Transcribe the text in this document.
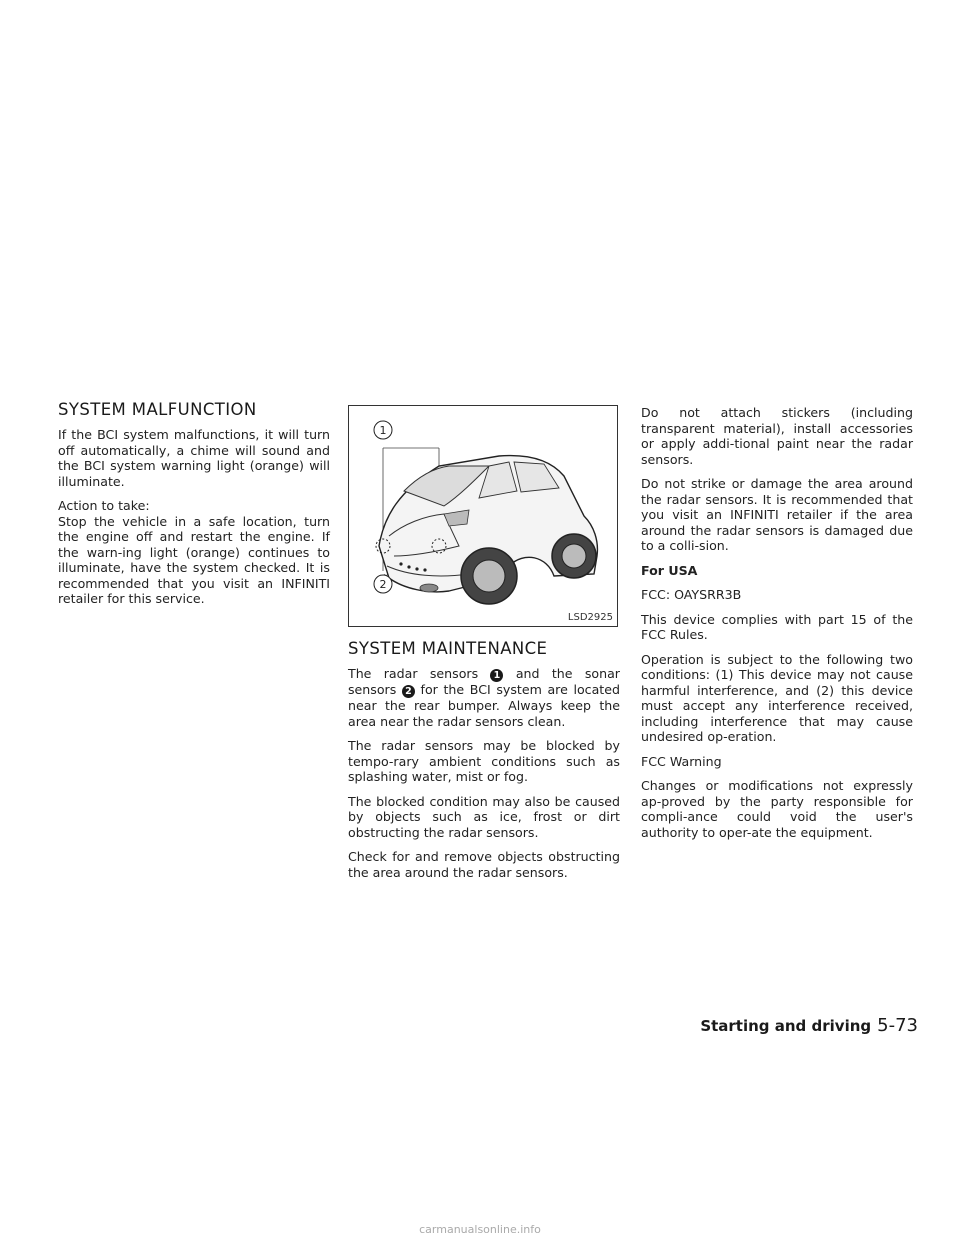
SYSTEM MALFUNCTION

If the BCI system malfunctions, it will turn off automatically, a chime will sound and the BCI system warning light (orange) will illuminate.

Action to take:

Stop the vehicle in a safe location, turn the engine off and restart the engine. If the warn-ing light (orange) continues to illuminate, have the system checked. It is recommended that you visit an INFINITI retailer for this service.

1
2
LSD2925
SYSTEM MAINTENANCE

The radar sensors 1 and the sonar sensors 2 for the BCI system are located near the rear bumper. Always keep the area near the radar sensors clean.

The radar sensors may be blocked by tempo-rary ambient conditions such as splashing water, mist or fog.

The blocked condition may also be caused by objects such as ice, frost or dirt obstructing the radar sensors.

Check for and remove objects obstructing the area around the radar sensors.

Do not attach stickers (including transparent material), install accessories or apply addi-tional paint near the radar sensors.

Do not strike or damage the area around the radar sensors. It is recommended that you visit an INFINITI retailer if the area around the radar sensors is damaged due to a colli-sion.

For USA

FCC: OAYSRR3B

This device complies with part 15 of the FCC Rules.

Operation is subject to the following two conditions: (1) This device may not cause harmful interference, and (2) this device must accept any interference received, including interference that may cause undesired op-eration.

FCC Warning

Changes or modifications not expressly ap-proved by the party responsible for compli-ance could void the user's authority to oper-ate the equipment.

Starting and driving 5-73
carmanualsonline.info
